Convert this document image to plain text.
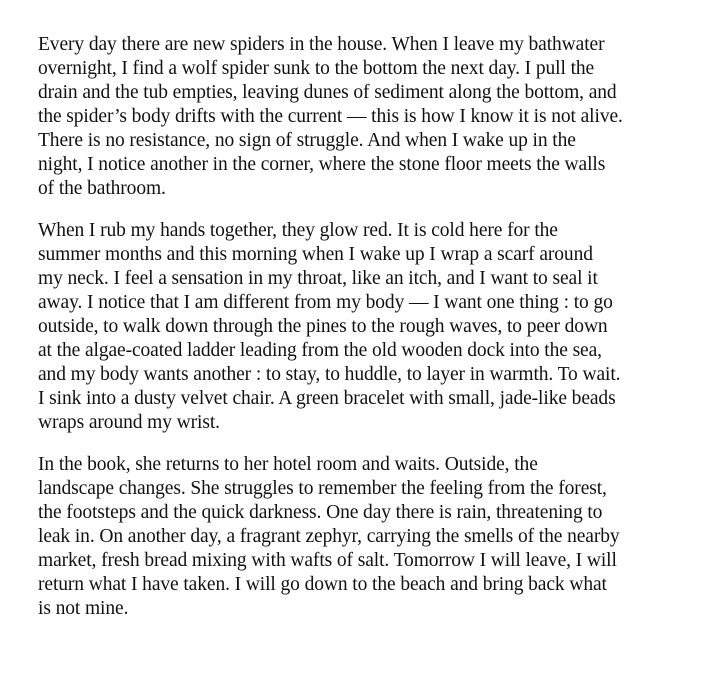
Every day there are new spiders in the house. When I leave my bathwater
overnight, I find a wolf spider sunk to the bottom the next day. I pull the
drain and the tub empties, leaving dunes of sediment along the bottom, and
the spider’s body drifts with the current — this is how I know it is not alive.
There is no resistance, no sign of struggle. And when I wake up in the
night, I notice another in the corner, where the stone floor meets the walls
of the bathroom.

When I rub my hands together, they glow red. It is cold here for the
summer months and this morning when I wake up I wrap a scarf around
my neck. I feel a sensation in my throat, like an itch, and I want to seal it
away. I notice that I am different from my body — I want one thing : to go
outside, to walk down through the pines to the rough waves, to peer down
at the algae-coated ladder leading from the old wooden dock into the sea,
and my body wants another : to stay, to huddle, to layer in warmth. To wait.
I sink into a dusty velvet chair. A green bracelet with small, jade-like beads
wraps around my wrist.

In the book, she returns to her hotel room and waits. Outside, the
landscape changes. She struggles to remember the feeling from the forest,
the footsteps and the quick darkness. One day there is rain, threatening to
leak in. On another day, a fragrant zephyr, carrying the smells of the nearby
market, fresh bread mixing with wafts of salt. Tomorrow I will leave, I will
return what I have taken. I will go down to the beach and bring back what
is not mine.
